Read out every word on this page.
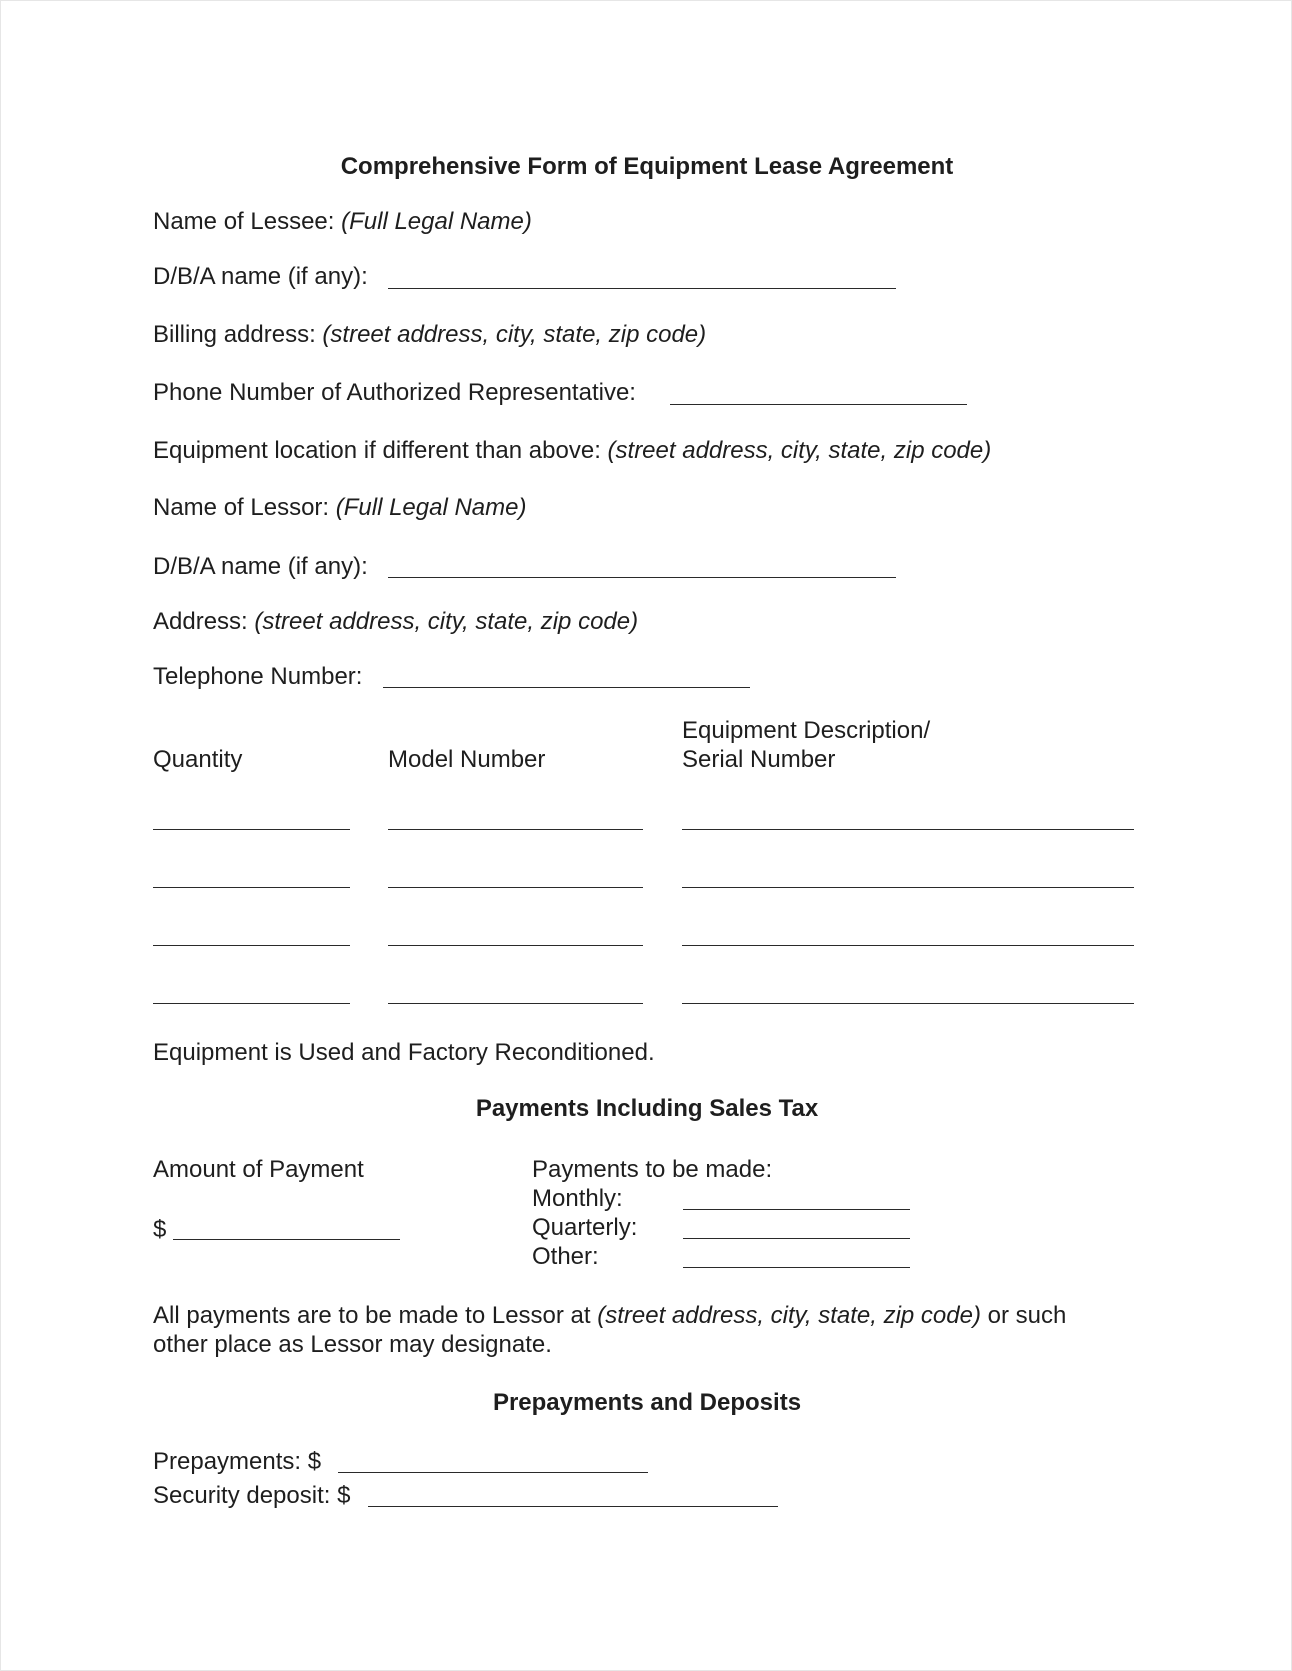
Comprehensive Form of Equipment Lease Agreement
Name of Lessee: (Full Legal Name)
D/B/A name (if any):
Billing address: (street address, city, state, zip code)
Phone Number of Authorized Representative:
Equipment location if different than above: (street address, city, state, zip code)
Name of Lessor: (Full Legal Name)
D/B/A name (if any):
Address: (street address, city, state, zip code)
Telephone Number:
Quantity	Model Number
Equipment Description/
Serial Number
Equipment is Used and Factory Reconditioned.
Payments Including Sales Tax
Amount of Payment
$
Payments to be made:
Monthly:
Quarterly:
Other:
All payments are to be made to Lessor at (street address, city, state, zip code) or such
other place as Lessor may designate.
Prepayments and Deposits
Prepayments: $
Security deposit: $
